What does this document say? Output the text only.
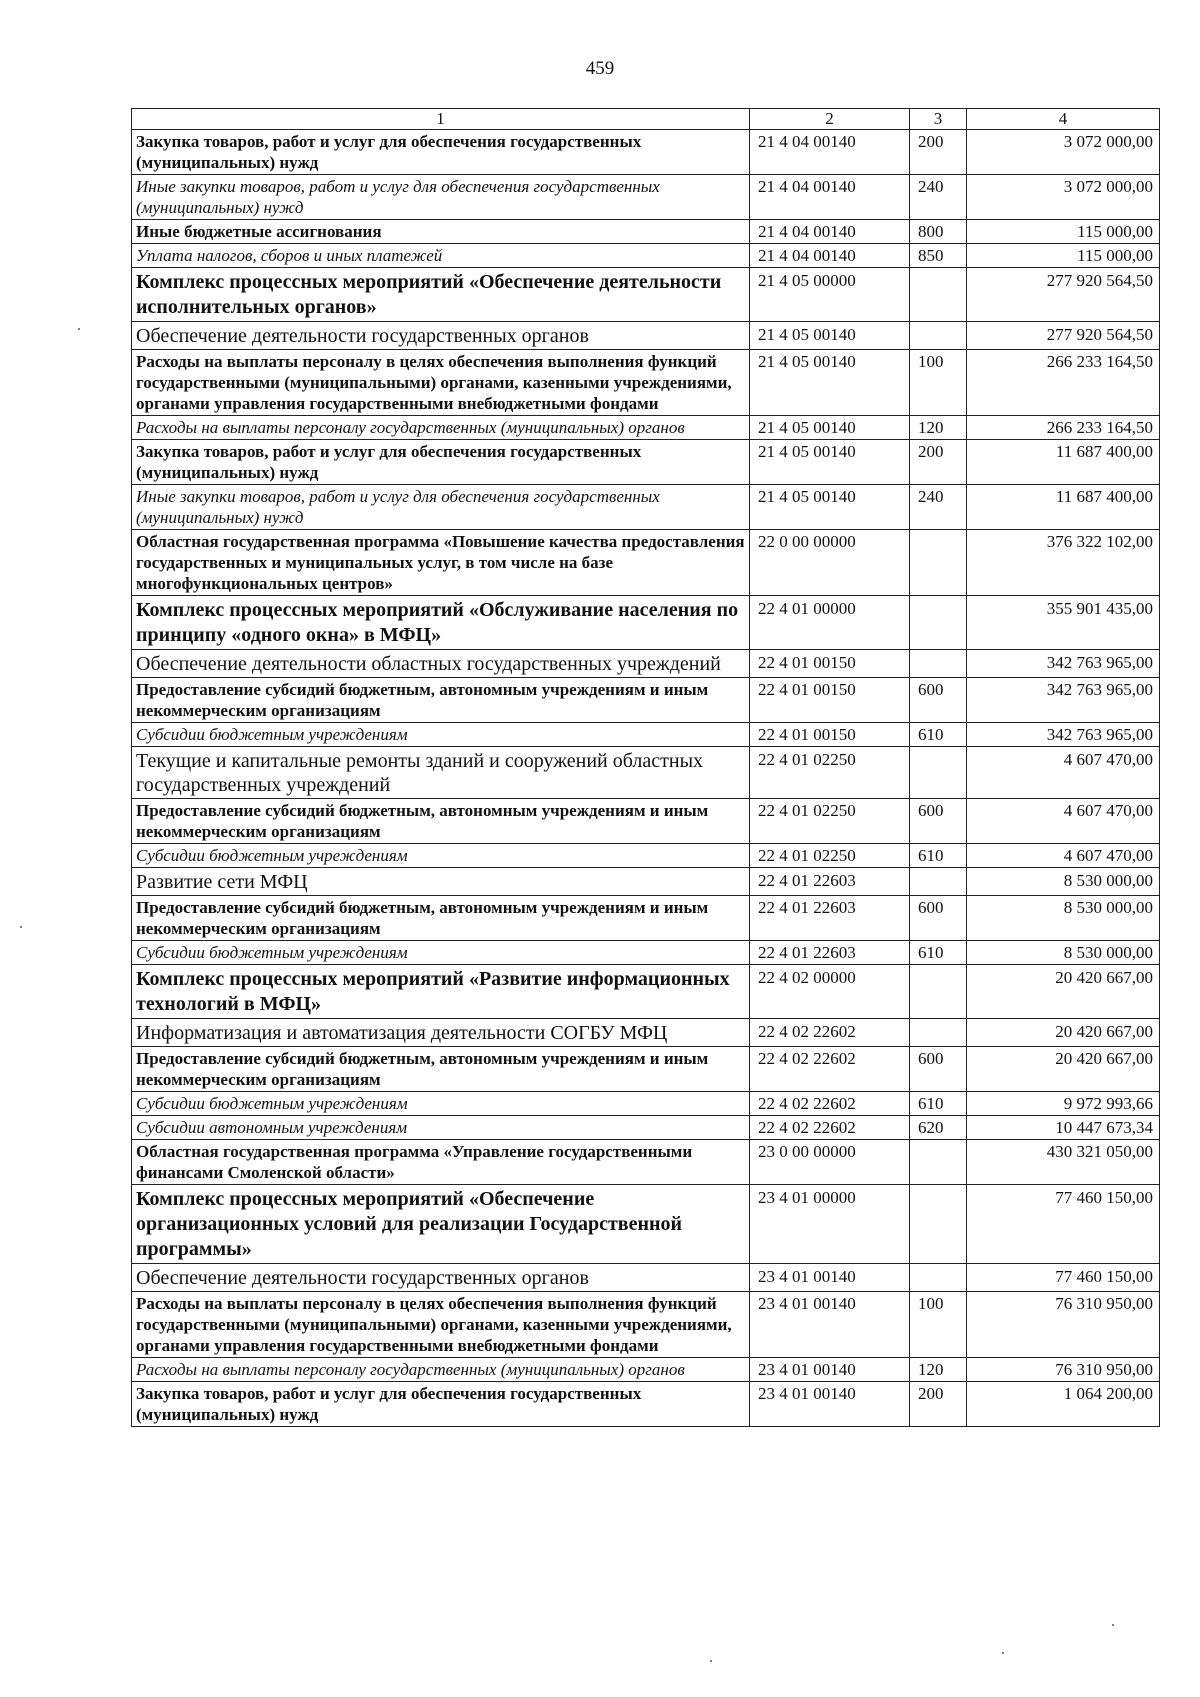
459
1	2	3	4
Закупка товаров, работ и услуг для обеспечения государственных (муниципальных) нужд	21 4 04 00140	200	3 072 000,00
Иные закупки товаров, работ и услуг для обеспечения государственных (муниципальных) нужд	21 4 04 00140	240	3 072 000,00
Иные бюджетные ассигнования	21 4 04 00140	800	115 000,00
Уплата налогов, сборов и иных платежей	21 4 04 00140	850	115 000,00
Комплекс процессных мероприятий «Обеспечение деятельности исполнительных органов»	21 4 05 00000		277 920 564,50
Обеспечение деятельности государственных органов	21 4 05 00140		277 920 564,50
Расходы на выплаты персоналу в целях обеспечения выполнения функций государственными (муниципальными) органами, казенными учреждениями, органами управления государственными внебюджетными фондами	21 4 05 00140	100	266 233 164,50
Расходы на выплаты персоналу государственных (муниципальных) органов	21 4 05 00140	120	266 233 164,50
Закупка товаров, работ и услуг для обеспечения государственных (муниципальных) нужд	21 4 05 00140	200	11 687 400,00
Иные закупки товаров, работ и услуг для обеспечения государственных (муниципальных) нужд	21 4 05 00140	240	11 687 400,00
Областная государственная программа «Повышение качества предоставления государственных и муниципальных услуг, в том числе на базе многофункциональных центров»	22 0 00 00000		376 322 102,00
Комплекс процессных мероприятий «Обслуживание населения по принципу «одного окна» в МФЦ»	22 4 01 00000		355 901 435,00
Обеспечение деятельности областных государственных учреждений	22 4 01 00150		342 763 965,00
Предоставление субсидий бюджетным, автономным учреждениям и иным некоммерческим организациям	22 4 01 00150	600	342 763 965,00
Субсидии бюджетным учреждениям	22 4 01 00150	610	342 763 965,00
Текущие и капитальные ремонты зданий и сооружений областных государственных учреждений	22 4 01 02250		4 607 470,00
Предоставление субсидий бюджетным, автономным учреждениям и иным некоммерческим организациям	22 4 01 02250	600	4 607 470,00
Субсидии бюджетным учреждениям	22 4 01 02250	610	4 607 470,00
Развитие сети МФЦ	22 4 01 22603		8 530 000,00
Предоставление субсидий бюджетным, автономным учреждениям и иным некоммерческим организациям	22 4 01 22603	600	8 530 000,00
Субсидии бюджетным учреждениям	22 4 01 22603	610	8 530 000,00
Комплекс процессных мероприятий «Развитие информационных технологий в МФЦ»	22 4 02 00000		20 420 667,00
Информатизация и автоматизация деятельности СОГБУ МФЦ	22 4 02 22602		20 420 667,00
Предоставление субсидий бюджетным, автономным учреждениям и иным некоммерческим организациям	22 4 02 22602	600	20 420 667,00
Субсидии бюджетным учреждениям	22 4 02 22602	610	9 972 993,66
Субсидии автономным учреждениям	22 4 02 22602	620	10 447 673,34
Областная государственная программа «Управление государственными финансами Смоленской области»	23 0 00 00000		430 321 050,00
Комплекс процессных мероприятий «Обеспечение организационных условий для реализации Государственной программы»	23 4 01 00000		77 460 150,00
Обеспечение деятельности государственных органов	23 4 01 00140		77 460 150,00
Расходы на выплаты персоналу в целях обеспечения выполнения функций государственными (муниципальными) органами, казенными учреждениями, органами управления государственными внебюджетными фондами	23 4 01 00140	100	76 310 950,00
Расходы на выплаты персоналу государственных (муниципальных) органов	23 4 01 00140	120	76 310 950,00
Закупка товаров, работ и услуг для обеспечения государственных (муниципальных) нужд	23 4 01 00140	200	1 064 200,00
